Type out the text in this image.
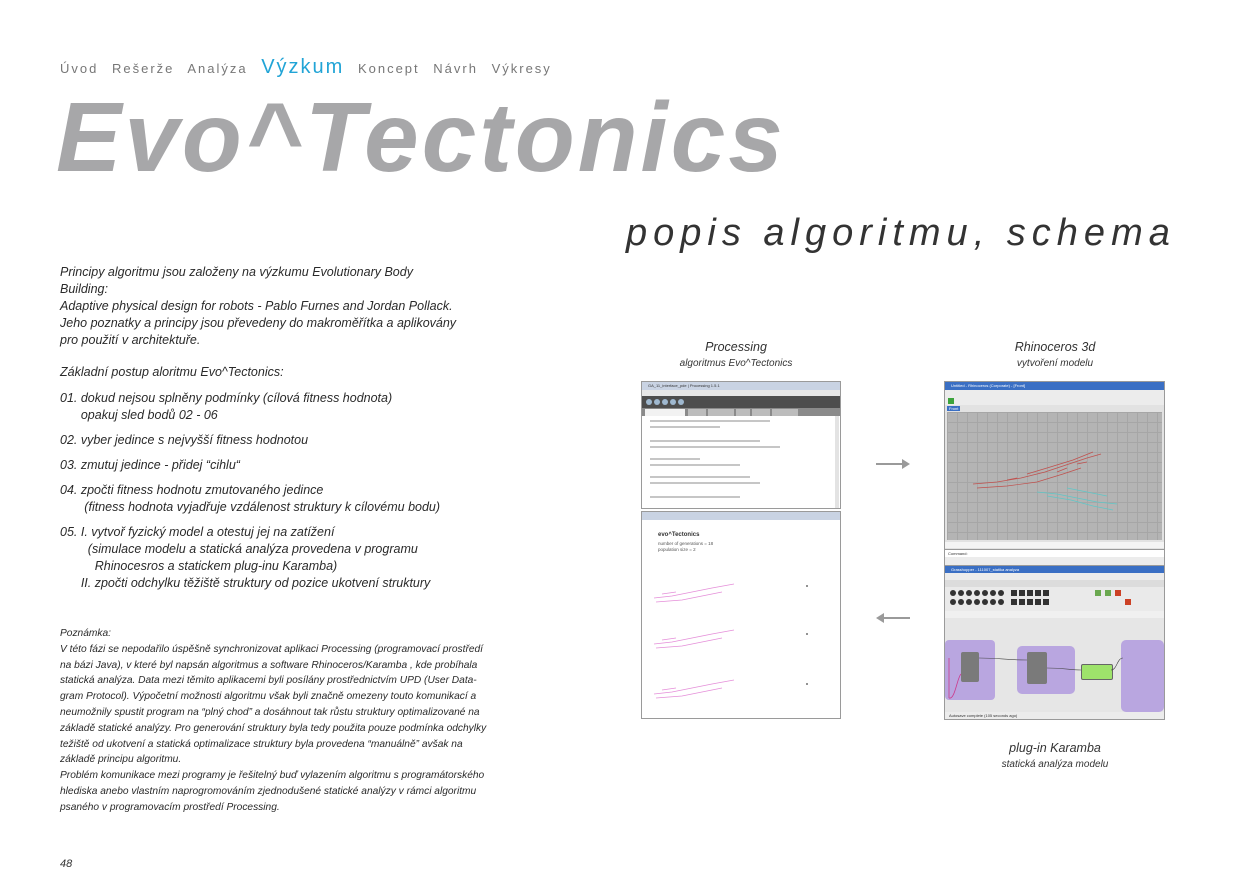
Úvod Rešerže Analýza Výzkum Koncept Návrh Výkresy
Evo^Tectonics
popis algoritmu, schema
Principy algoritmu jsou založeny na výzkumu Evolutionary Body Building:
Adaptive physical design for robots - Pablo Furnes and Jordan Pollack.
Jeho poznatky a principy jsou převedeny do makroměřítka a aplikovány
pro použití v architektuře.
Základní postup aloritmu Evo^Tectonics:
01. dokud nejsou splněny podmínky (cílová fitness hodnota)
opakuj sled bodů 02 - 06
02. vyber jedince s nejvyšší fitness hodnotou
03. zmutuj jedince - přidej “cihlu“
04. zpočti fitness hodnotu zmutovaného jedince
(fitness hodnota vyjadřuje vzdálenost struktury k cílovému bodu)
05. I. vytvoř fyzický model a otestuj jej na zatížení
(simulace modelu a statická analýza provedena v programu
Rhinocesros a statickem plug-inu Karamba)
II. zpočti odchylku těžiště struktury od pozice ukotvení struktury
Poznámka:
V této fázi se nepodařilo úspěšně synchronizovat aplikaci Processing (programovací prostředí
na bázi Java), v které byl napsán algoritmus a software Rhinoceros/Karamba , kde probíhala
statická analýza. Data mezi těmito aplikacemi byli posílány prostřednictvím UPD (User Data-
gram Protocol). Výpočetní možnosti algoritmu však byli značně omezeny touto komunikací a
neumožnily spustit program na “plný chod” a dosáhnout tak růstu struktury optimalizované na
základě statické analýzy. Pro generování struktury byla tedy použita pouze podmínka odchylky
težiště od ukotvení a statická optimalizace struktury byla provedena “manuálně” avšak na
základě principu algoritmu.
Problém komunikace mezi programy je řešitelný buď vylazením algoritmu s programátorského
hlediska anebo vlastním naprogromováním zjednodušené statické analýzy v rámci algoritmu
psaného v programovacím prostředí Processing.
48
Processing
algoritmus Evo^Tectonics
Rhinoceros 3d
vytvoření modelu
plug-in Karamba
statická analýza modelu
GA_11_interface_pde | Processing 1.5.1
evo^Tectonics
number of generations = 18
population size = 2
Untitled - Rhinoceros (Corporate) - [Front]
Front
Command:
Grasshopper - 111007_statika analyza
Autosave complete (105 seconds ago)
